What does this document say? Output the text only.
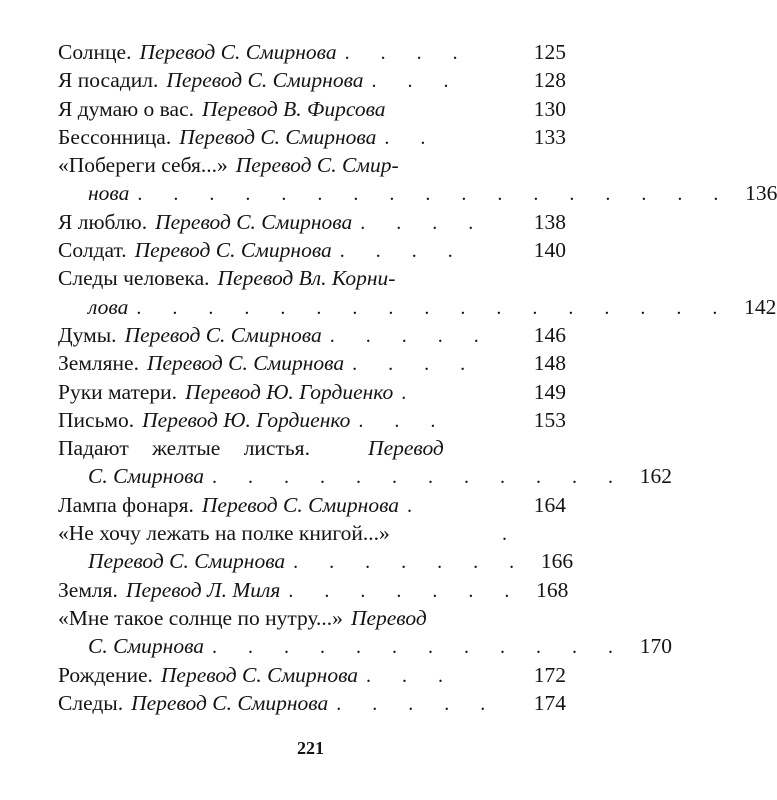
Солнце. Перевод С. Смирнова . . . .	125
Я посадил. Перевод С. Смирнова . . .	128
Я думаю о вас. Перевод В. Фирсова	130
Бессонница. Перевод С. Смирнова . .	133
«Побереги себя...» Перевод С. Смир-
нова . . . . . . . . . . . . . . . . . 136
Я люблю. Перевод С. Смирнова . . . .	138
Солдат. Перевод С. Смирнова . . . .	140
Следы человека. Перевод Вл. Корни-
лова . . . . . . . . . . . . . . . . . 142
Думы. Перевод С. Смирнова . . . . .	146
Земляне. Перевод С. Смирнова . . . .	148
Руки матери. Перевод Ю. Гордиенко .	149
Письмо. Перевод Ю. Гордиенко . . .	153
Падают желтые листья.	Перевод
С. Смирнова . . . . . . . . . . . . 162
Лампа фонаря. Перевод С. Смирнова .	164
«Не хочу лежать на полке книгой...»	.
Перевод С. Смирнова . . . . . . . 166
Земля. Перевод Л. Миля . . . . . . . 168
«Мне такое солнце по нутру...» Перевод
С. Смирнова . . . . . . . . . . . . 170
Рождение. Перевод С. Смирнова . . .	172
Следы. Перевод С. Смирнова . . . . .	174
221
